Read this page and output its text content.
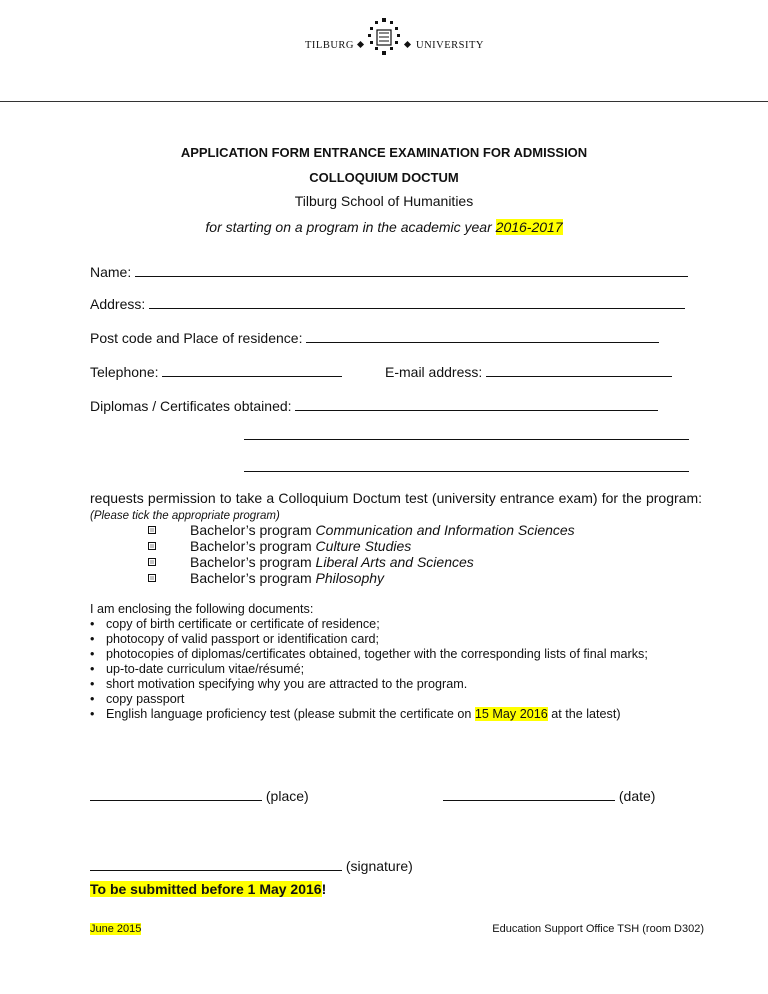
TILBURG	UNIVERSITY
APPLICATION FORM ENTRANCE EXAMINATION FOR ADMISSION
COLLOQUIUM DOCTUM
Tilburg School of Humanities
for starting on a program in the academic year 2016-2017
Name:
Address:
Post code and Place of residence:
Telephone:	E-mail address:
Diplomas / Certificates obtained:
requests permission to take a Colloquium Doctum test (university entrance exam) for the program: (Please tick the appropriate program)
Bachelor’s program
Communication and Information Sciences
Bachelor’s program
Culture Studies
Bachelor’s program
Liberal Arts and Sciences
Bachelor’s program
Philosophy
I am enclosing the following documents:
• copy of birth certificate or certificate of residence;
• photocopy of valid passport or identification card;
• photocopies of diplomas/certificates obtained, together with the corresponding lists of final marks;
• up-to-date curriculum vitae/résumé;
• short motivation specifying why you are attracted to the program.
• copy passport
• English language proficiency test (please submit the certificate on 15 May 2016 at the latest)
(place)	(date)
(signature)
To be submitted before 1 May 2016!
June 2015	Education Support Office TSH (room D302)
